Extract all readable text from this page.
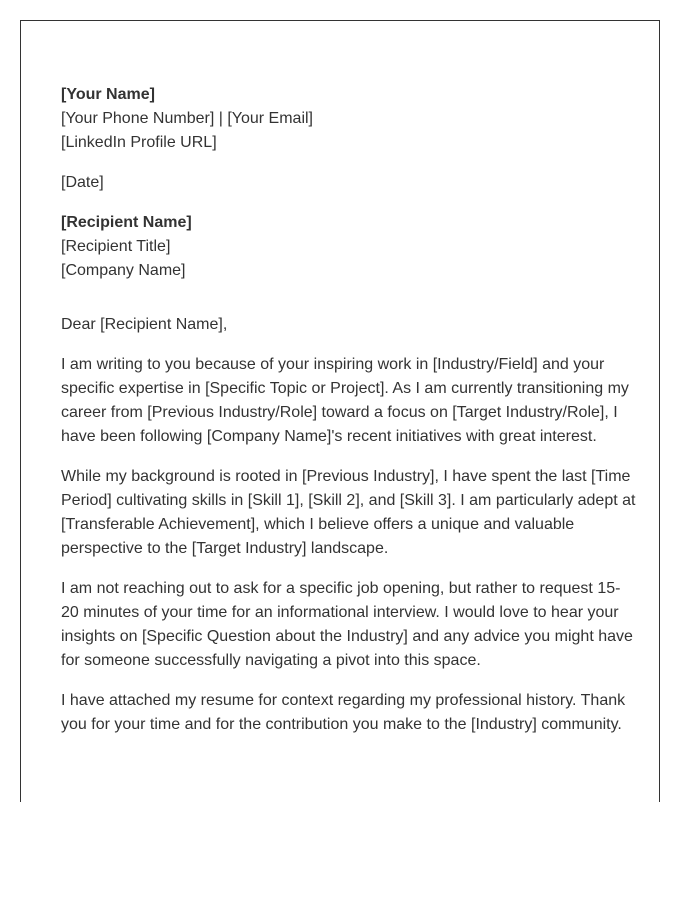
[Your Name]
[Your Phone Number] | [Your Email]
[LinkedIn Profile URL]
[Date]
[Recipient Name]
[Recipient Title]
[Company Name]
Dear [Recipient Name],

I am writing to you because of your inspiring work in [Industry/Field] and your specific expertise in [Specific Topic or Project]. As I am currently transitioning my career from [Previous Industry/Role] toward a focus on [Target Industry/Role], I have been following [Company Name]'s recent initiatives with great interest.

While my background is rooted in [Previous Industry], I have spent the last [Time Period] cultivating skills in [Skill 1], [Skill 2], and [Skill 3]. I am particularly adept at [Transferable Achievement], which I believe offers a unique and valuable perspective to the [Target Industry] landscape.

I am not reaching out to ask for a specific job opening, but rather to request 15-20 minutes of your time for an informational interview. I would love to hear your insights on [Specific Question about the Industry] and any advice you might have for someone successfully navigating a pivot into this space.

I have attached my resume for context regarding my professional history. Thank you for your time and for the contribution you make to the [Industry] community.
